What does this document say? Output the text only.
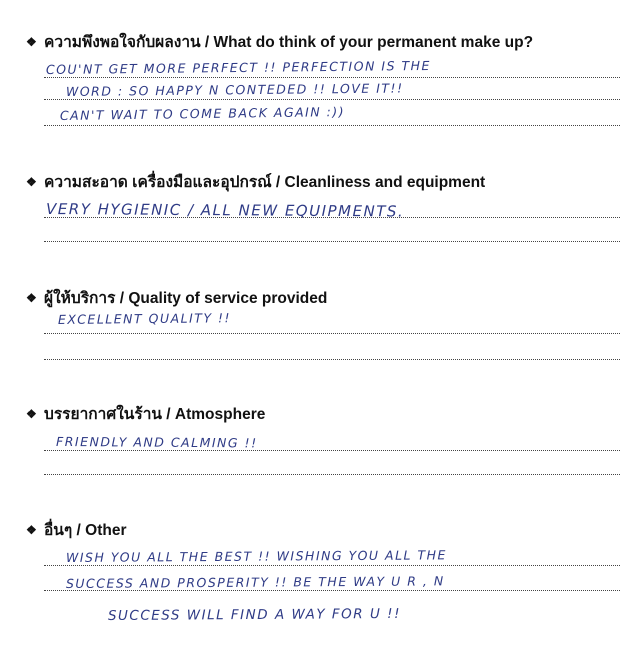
❖ ความพึงพอใจกับผลงาน / What do think of your permanent make up?
COU'NT GET MORE PERFECT !! PERFECTION IS THE
WORD : SO HAPPY N CONTEDED !! LOVE IT!!
CAN'T WAIT TO COME BACK AGAIN :))
❖ ความสะอาด เครื่องมือและอุปกรณ์ / Cleanliness and equipment
VERY HYGIENIC / ALL NEW EQUIPMENTS.
❖ ผู้ให้บริการ / Quality of service provided
EXCELLENT QUALITY !!
❖ บรรยากาศในร้าน / Atmosphere
FRIENDLY AND CALMING !!
❖ อื่นๆ / Other
WISH YOU ALL THE BEST !! WISHING YOU ALL THE
SUCCESS AND PROSPERITY !! BE THE WAY U R , N
SUCCESS WILL FIND A WAY FOR U !!
